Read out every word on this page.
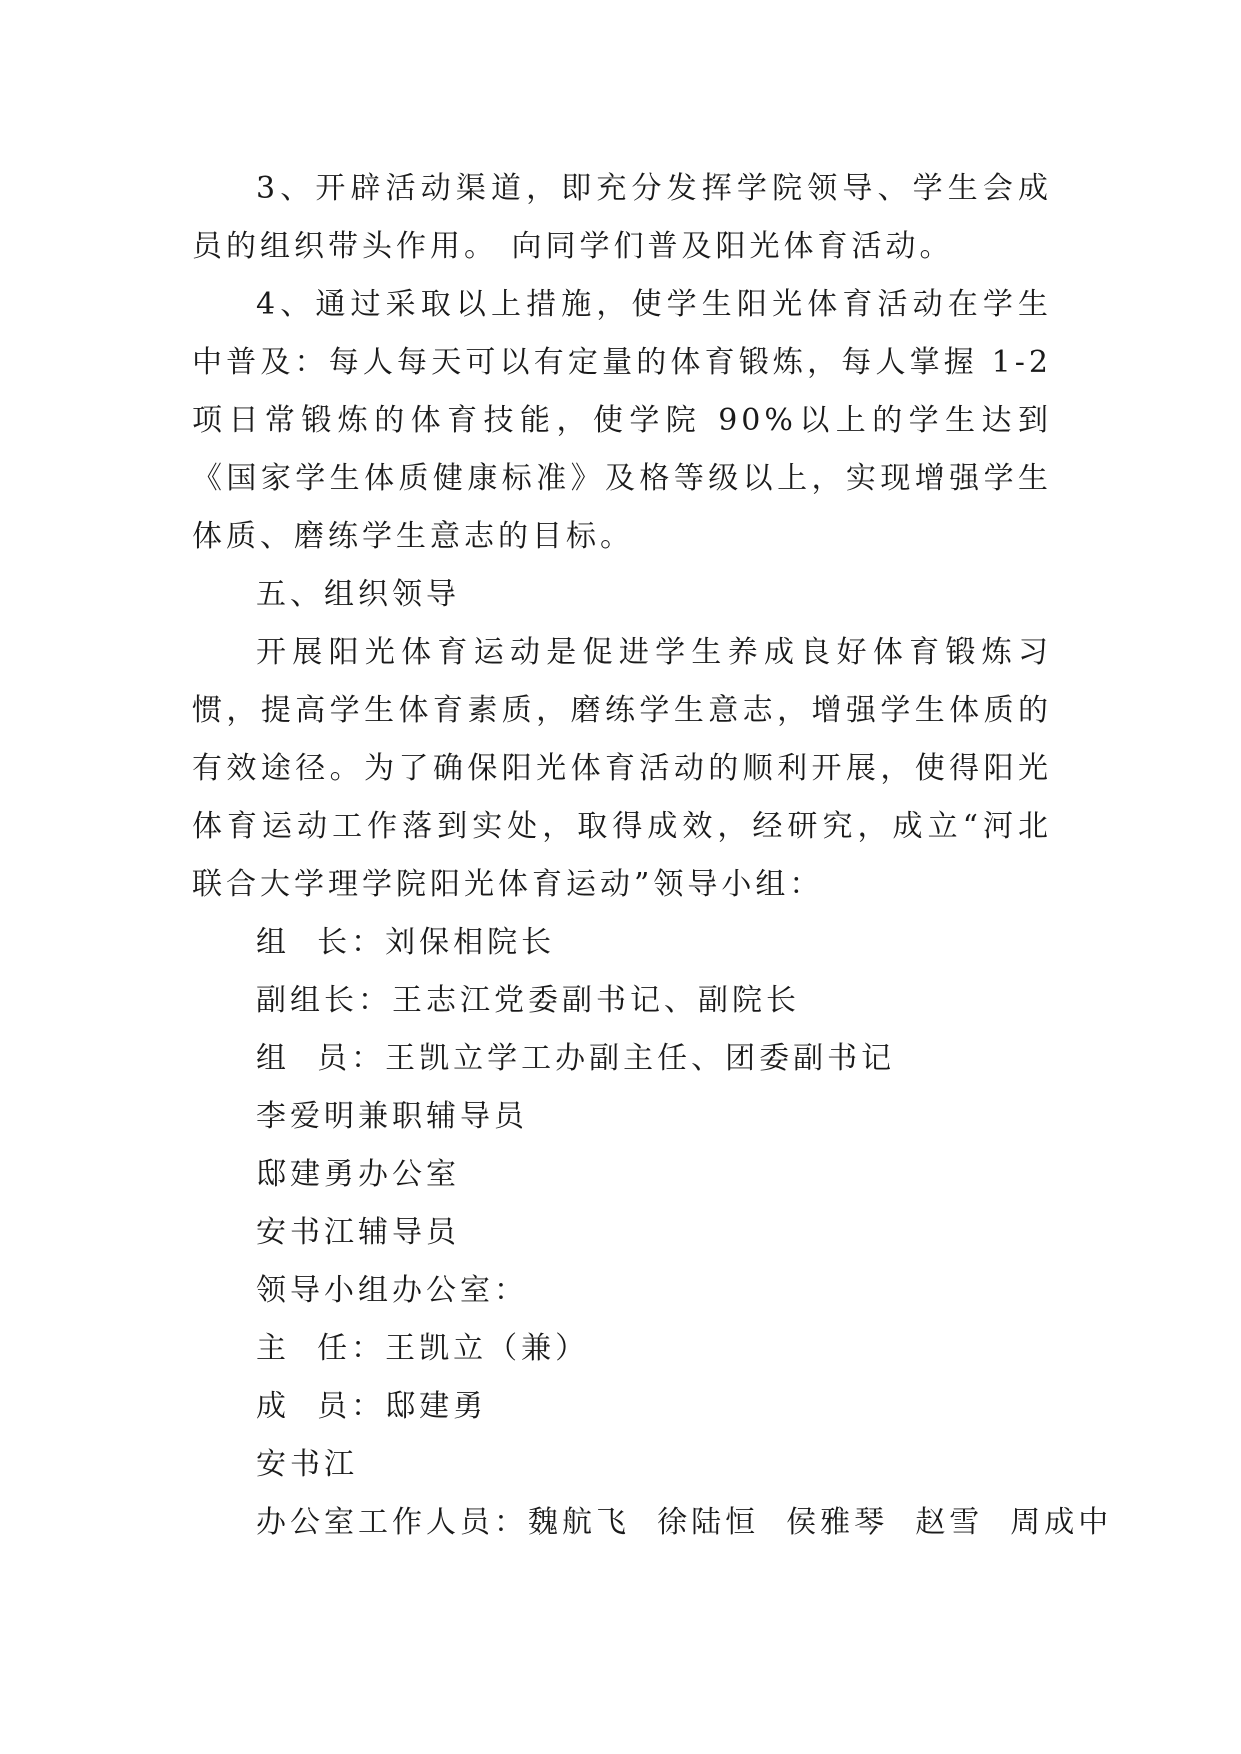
3、开辟活动渠道，即充分发挥学院领导、学生会成员的组织带头作用。 向同学们普及阳光体育活动。

4、通过采取以上措施，使学生阳光体育活动在学生中普及：每人每天可以有定量的体育锻炼，每人掌握 1-2 项日常锻炼的体育技能，使学院 90%以上的学生达到《国家学生体质健康标准》及格等级以上，实现增强学生体质、磨练学生意志的目标。

五、组织领导

开展阳光体育运动是促进学生养成良好体育锻炼习惯，提高学生体育素质，磨练学生意志，增强学生体质的有效途径。为了确保阳光体育活动的顺利开展，使得阳光体育运动工作落到实处，取得成效，经研究，成立“河北联合大学理学院阳光体育运动”领导小组：

组  长：刘保相院长

副组长：王志江党委副书记、副院长

组  员：王凯立学工办副主任、团委副书记

李爱明兼职辅导员

邸建勇办公室

安书江辅导员

领导小组办公室：

主  任：王凯立（兼）

成  员：邸建勇

安书江

办公室工作人员：魏航飞  徐陆恒  侯雅琴  赵雪  周成中
